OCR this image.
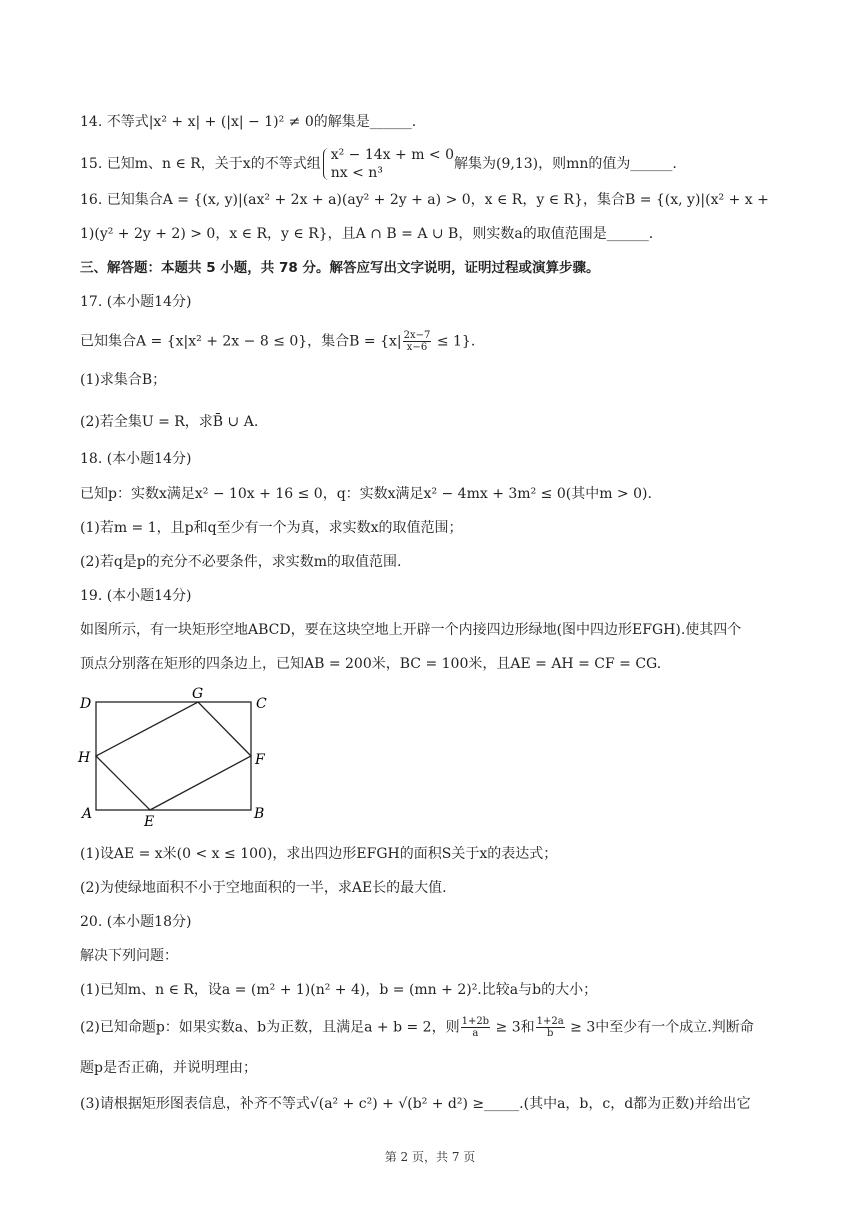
14. 不等式|x² + x| + (|x| − 1)² ≠ 0的解集是______.
15. 已知m、n ∈ R，关于x的不等式组
x² − 14x + m < 0
nx < n³
解集为(9,13)，则mn的值为______.
16. 已知集合A = {(x, y)|(ax² + 2x + a)(ay² + 2y + a) > 0，x ∈ R，y ∈ R}，集合B = {(x, y)|(x² + x +
1)(y² + 2y + 2) > 0，x ∈ R，y ∈ R}，且A ∩ B = A ∪ B，则实数a的取值范围是______.
三、解答题：本题共 5 小题，共 78 分。解答应写出文字说明，证明过程或演算步骤。
17. (本小题14分)
已知集合A = {x|x² + 2x − 8 ≤ 0}，集合$B = \{x| \frac{2x-7}{x-6} \le 1\}$.
(1)求集合B；
(2)若全集U = R，求B̄ ∪ A.
18. (本小题14分)
已知p：实数x满足x² − 10x + 16 ≤ 0，q：实数x满足x² − 4mx + 3m² ≤ 0(其中m > 0).
(1)若m = 1，且p和q至少有一个为真，求实数x的取值范围；
(2)若q是p的充分不必要条件，求实数m的取值范围.
19. (本小题14分)
如图所示，有一块矩形空地ABCD，要在这块空地上开辟一个内接四边形绿地(图中四边形EFGH).使其四个
顶点分别落在矩形的四条边上，已知AB = 200米，BC = 100米，且AE = AH = CF = CG.
D	C
G
H	F
A	B
E
(1)设AE = x米(0 < x ≤ 100)，求出四边形EFGH的面积S关于x的表达式；
(2)为使绿地面积不小于空地面积的一半，求AE长的最大值.
20. (本小题18分)
解决下列问题：
(1)已知m、n ∈ R，设a = (m² + 1)(n² + 4)，b = (mn + 2)².比较a与b的大小；
(2)已知命题p：如果实数a、b为正数，且满足a + b = 2，则 $\frac{1+2b}{a} \ge 3$和 $\frac{1+2a}{b} \ge 3$中至少有一个成立.判断命
题p是否正确，并说明理由；
(3)请根据矩形图表信息，补齐不等式√(a² + c²) + √(b² + d²) ≥_____.(其中a，b，c，d都为正数)并给出它
第 2 页，共 7 页
